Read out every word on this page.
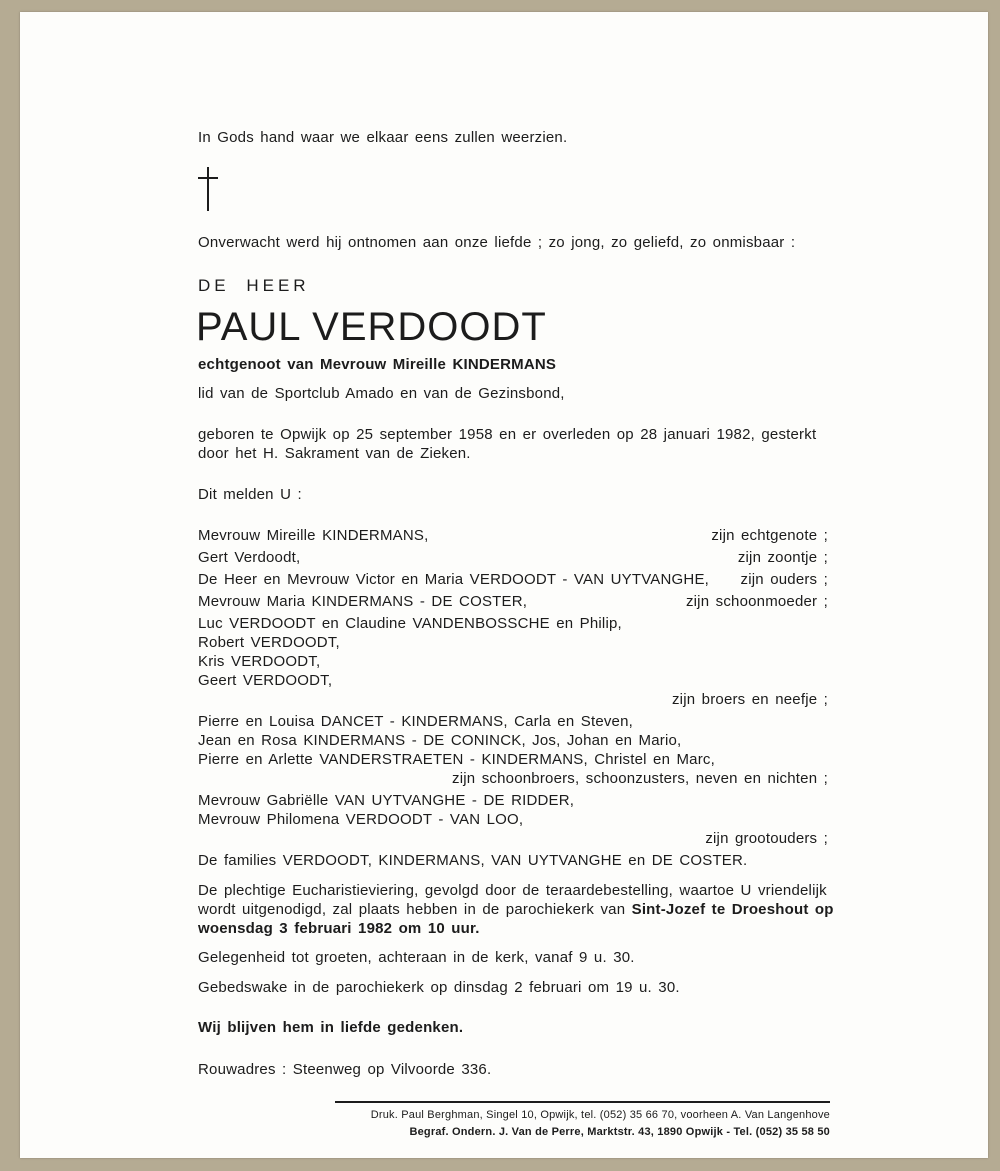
In Gods hand waar we elkaar eens zullen weerzien.
Onverwacht werd hij ontnomen aan onze liefde ; zo jong, zo geliefd, zo onmisbaar :
DE HEER
PAUL VERDOODT
echtgenoot van Mevrouw Mireille KINDERMANS
lid van de Sportclub Amado en van de Gezinsbond,
geboren te Opwijk op 25 september 1958 en er overleden op 28 januari 1982, gesterkt
door het H. Sakrament van de Zieken.
Dit melden U :
Mevrouw Mireille KINDERMANS,	zijn echtgenote ;
Gert Verdoodt,	zijn zoontje ;
De Heer en Mevrouw Victor en Maria VERDOODT - VAN UYTVANGHE, zijn ouders ;
Mevrouw Maria KINDERMANS - DE COSTER,	zijn schoonmoeder ;
Luc VERDOODT en Claudine VANDENBOSSCHE en Philip,
Robert VERDOODT,
Kris VERDOODT,
Geert VERDOODT,
zijn broers en neefje ;
Pierre en Louisa DANCET - KINDERMANS, Carla en Steven,
Jean en Rosa KINDERMANS - DE CONINCK, Jos, Johan en Mario,
Pierre en Arlette VANDERSTRAETEN - KINDERMANS, Christel en Marc,
zijn schoonbroers, schoonzusters, neven en nichten ;
Mevrouw Gabriëlle VAN UYTVANGHE - DE RIDDER,
Mevrouw Philomena VERDOODT - VAN LOO,
zijn grootouders ;
De families VERDOODT, KINDERMANS, VAN UYTVANGHE en DE COSTER.
De plechtige Eucharistieviering, gevolgd door de teraardebestelling, waartoe U vriendelijk
wordt uitgenodigd, zal plaats hebben in de parochiekerk van Sint-Jozef te Droeshout op
woensdag 3 februari 1982 om 10 uur.
Gelegenheid tot groeten, achteraan in de kerk, vanaf 9 u. 30.
Gebedswake in de parochiekerk op dinsdag 2 februari om 19 u. 30.
Wij blijven hem in liefde gedenken.
Rouwadres : Steenweg op Vilvoorde 336.
Druk. Paul Berghman, Singel 10, Opwijk, tel. (052) 35 66 70, voorheen A. Van Langenhove
Begraf. Ondern. J. Van de Perre, Marktstr. 43, 1890 Opwijk - Tel. (052) 35 58 50
